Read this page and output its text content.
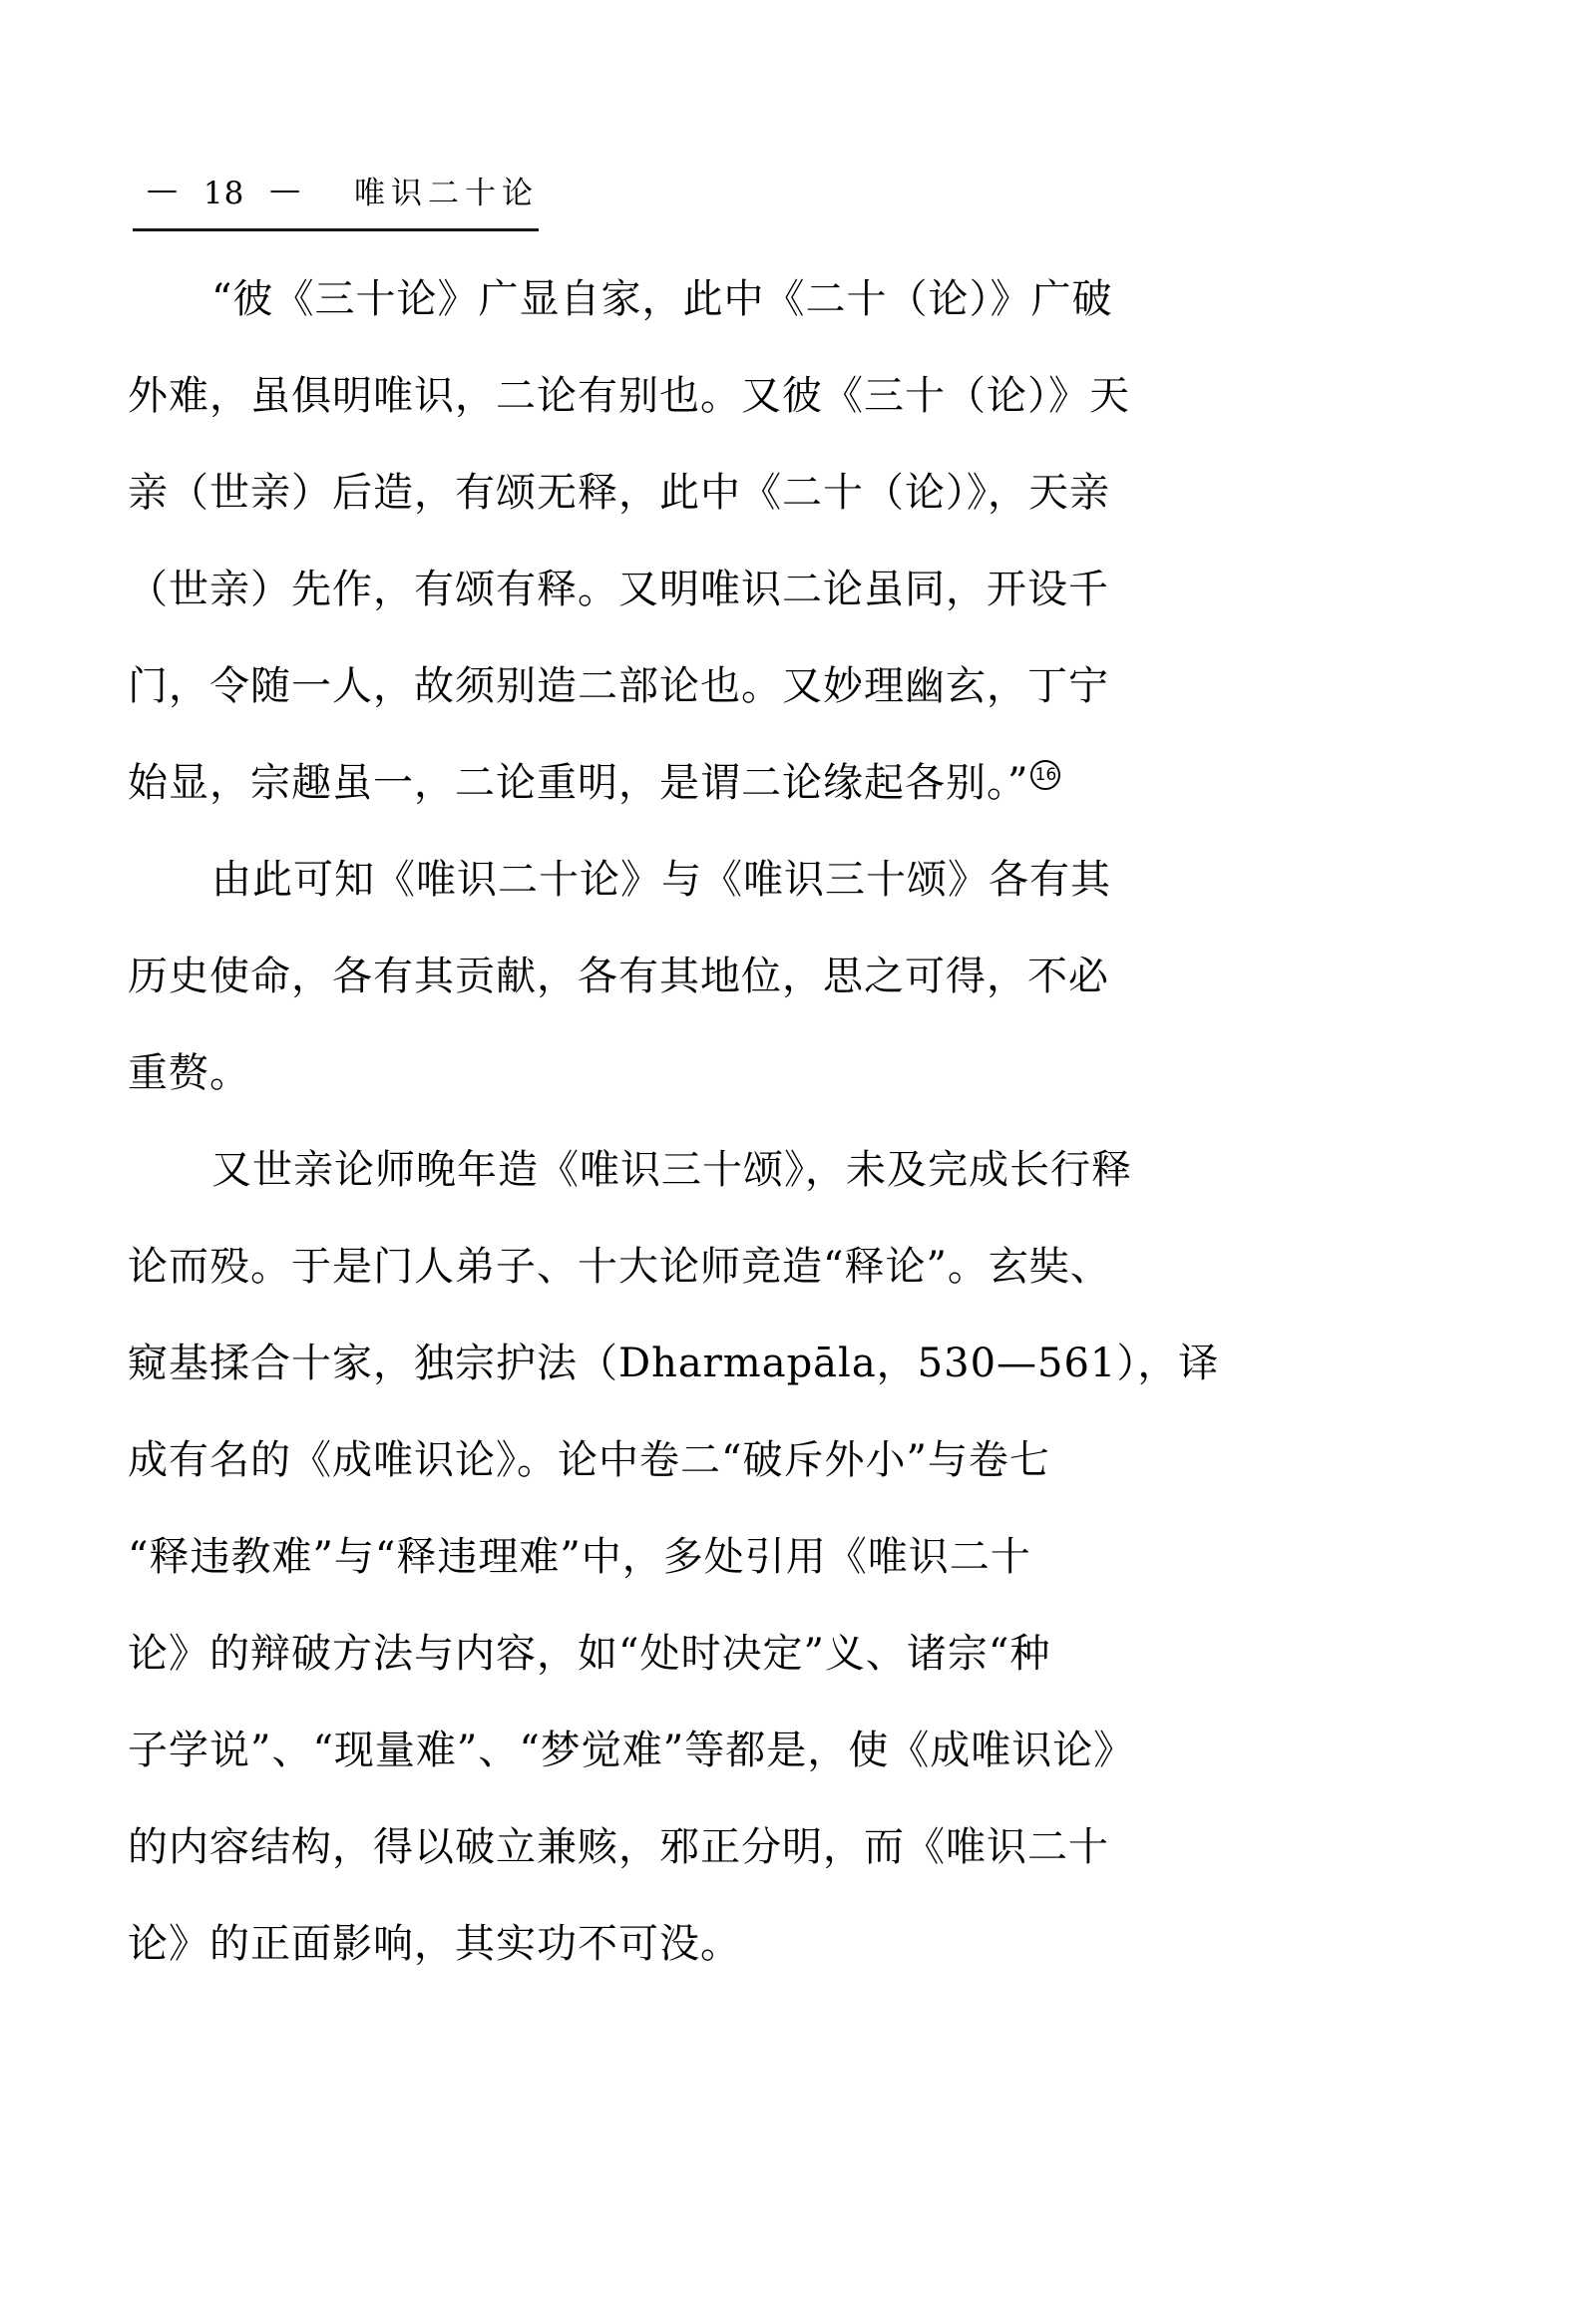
— 18 — 唯识二十论
“彼《三十论》广显自家，此中《二十（论）》广破
外难，虽俱明唯识，二论有别也。又彼《三十（论）》天
亲（世亲）后造，有颂无释，此中《二十（论）》，天亲
（世亲）先作，有颂有释。又明唯识二论虽同，开设千
门，令随一人，故须别造二部论也。又妙理幽玄，丁宁
始显，宗趣虽一，二论重明，是谓二论缘起各别。” 16
由此可知《唯识二十论》与《唯识三十颂》各有其
历史使命，各有其贡献，各有其地位，思之可得，不必
重赘。
又世亲论师晚年造《唯识三十颂》，未及完成长行释
论而殁。于是门人弟子、十大论师竞造“释论”。玄奘、
窥基揉合十家，独宗护法（Dharmapāla，530—561），译
成有名的《成唯识论》。论中卷二“破斥外小”与卷七
“释违教难”与“释违理难”中，多处引用《唯识二十
论》的辩破方法与内容，如“处时决定”义、诸宗“种
子学说”、“现量难”、“梦觉难”等都是，使《成唯识论》
的内容结构，得以破立兼赅，邪正分明，而《唯识二十
论》的正面影响，其实功不可没。
